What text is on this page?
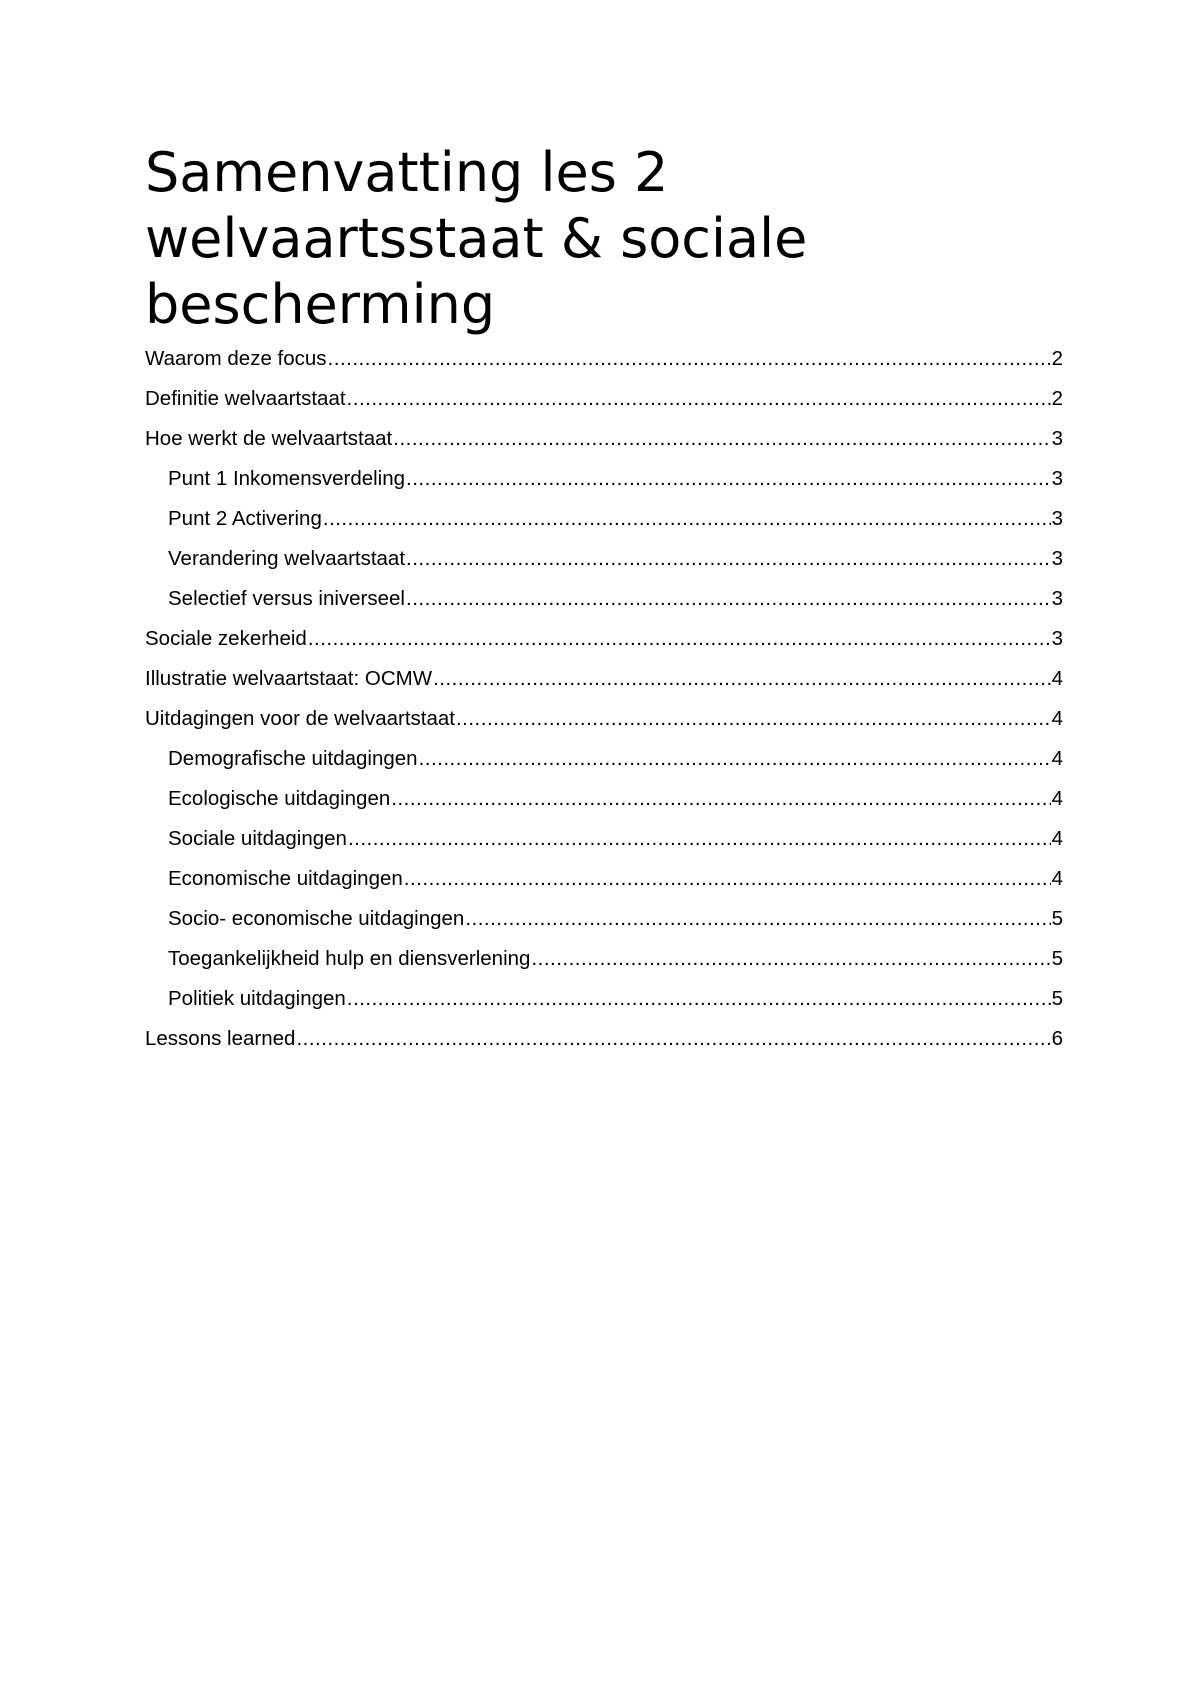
Samenvatting les 2
welvaartsstaat & sociale
bescherming
Waarom deze focus .....	2
Definitie welvaartstaat .....	2
Hoe werkt de welvaartstaat .....	3
Punt 1 Inkomensverdeling .....	3
Punt 2 Activering .....	3
Verandering welvaartstaat .....	3
Selectief versus iniverseel .....	3
Sociale zekerheid .....	3
Illustratie welvaartstaat: OCMW .....	4
Uitdagingen voor de welvaartstaat .....	4
Demografische uitdagingen .....	4
Ecologische uitdagingen .....	4
Sociale uitdagingen .....	4
Economische uitdagingen .....	4
Socio- economische uitdagingen .....	5
Toegankelijkheid hulp en diensverlening .....	5
Politiek uitdagingen .....	5
Lessons learned .....	6
